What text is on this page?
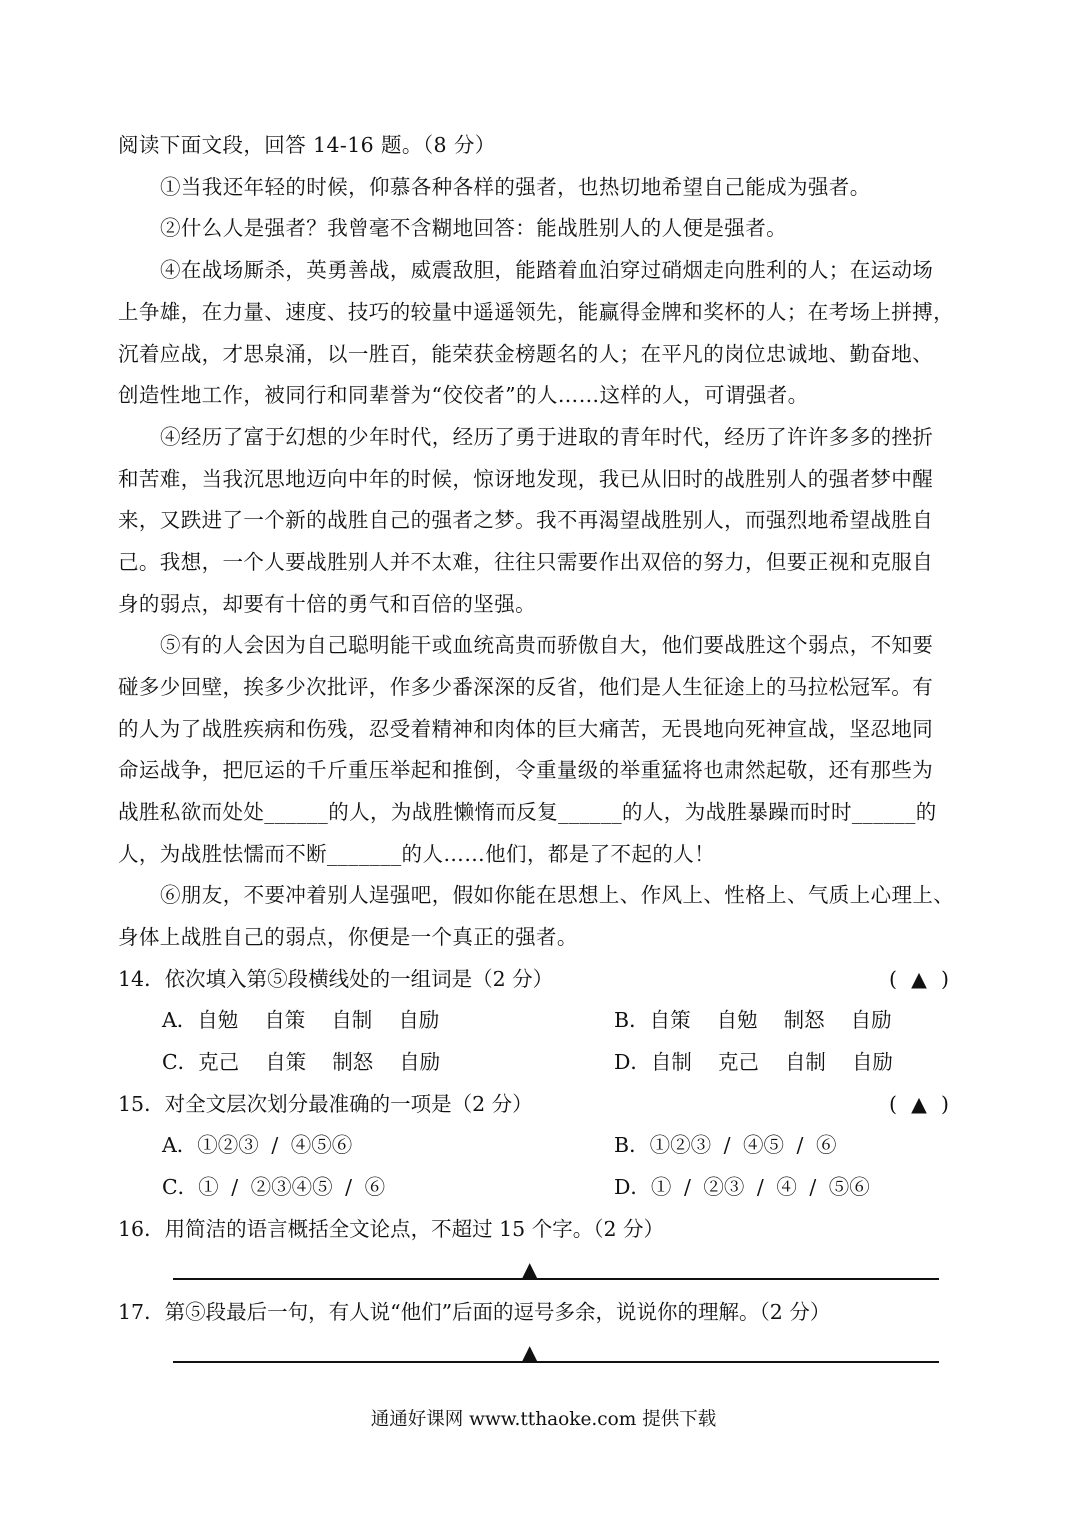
阅读下面文段，回答 14-16 题。（8 分）
①当我还年轻的时候，仰慕各种各样的强者，也热切地希望自己能成为强者。
②什么人是强者？我曾毫不含糊地回答：能战胜别人的人便是强者。
④在战场厮杀，英勇善战，威震敌胆，能踏着血泊穿过硝烟走向胜利的人；在运动场
上争雄，在力量、速度、技巧的较量中遥遥领先，能赢得金牌和奖杯的人；在考场上拼搏，
沉着应战，才思泉涌，以一胜百，能荣获金榜题名的人；在平凡的岗位忠诚地、勤奋地、
创造性地工作，被同行和同辈誉为“佼佼者”的人……这样的人，可谓强者。
④经历了富于幻想的少年时代，经历了勇于进取的青年时代，经历了许许多多的挫折
和苦难，当我沉思地迈向中年的时候，惊讶地发现，我已从旧时的战胜别人的强者梦中醒
来，又跌进了一个新的战胜自己的强者之梦。我不再渴望战胜别人，而强烈地希望战胜自
己。我想，一个人要战胜别人并不太难，往往只需要作出双倍的努力，但要正视和克服自
身的弱点，却要有十倍的勇气和百倍的坚强。
⑤有的人会因为自己聪明能干或血统高贵而骄傲自大，他们要战胜这个弱点，不知要
碰多少回壁，挨多少次批评，作多少番深深的反省，他们是人生征途上的马拉松冠军。有
的人为了战胜疾病和伤残，忍受着精神和肉体的巨大痛苦，无畏地向死神宣战，坚忍地同
命运战争，把厄运的千斤重压举起和推倒，令重量级的举重猛将也肃然起敬，还有那些为
战胜私欲而处处______的人，为战胜懒惰而反复______的人，为战胜暴躁而时时______的
人，为战胜怯懦而不断_______的人……他们，都是了不起的人！
⑥朋友，不要冲着别人逞强吧，假如你能在思想上、作风上、性格上、气质上心理上、
身体上战胜自己的弱点，你便是一个真正的强者。
14．依次填入第⑤段横线处的一组词是（2 分）	( ▲ )
A．自勉 自策 自制 自励	B．自策 自勉 制怒 自励
C．克己 自策 制怒 自励	D．自制 克己 自制 自励
15．对全文层次划分最准确的一项是（2 分）	( ▲ )
A．①②③ / ④⑤⑥	B．①②③ / ④⑤ / ⑥
C．① / ②③④⑤ / ⑥	D．① / ②③ / ④ / ⑤⑥
16．用简洁的语言概括全文论点，不超过 15 个字。（2 分）
▲
17．第⑤段最后一句，有人说“他们”后面的逗号多余，说说你的理解。（2 分）
▲
通通好课网 www.tthaoke.com 提供下载
